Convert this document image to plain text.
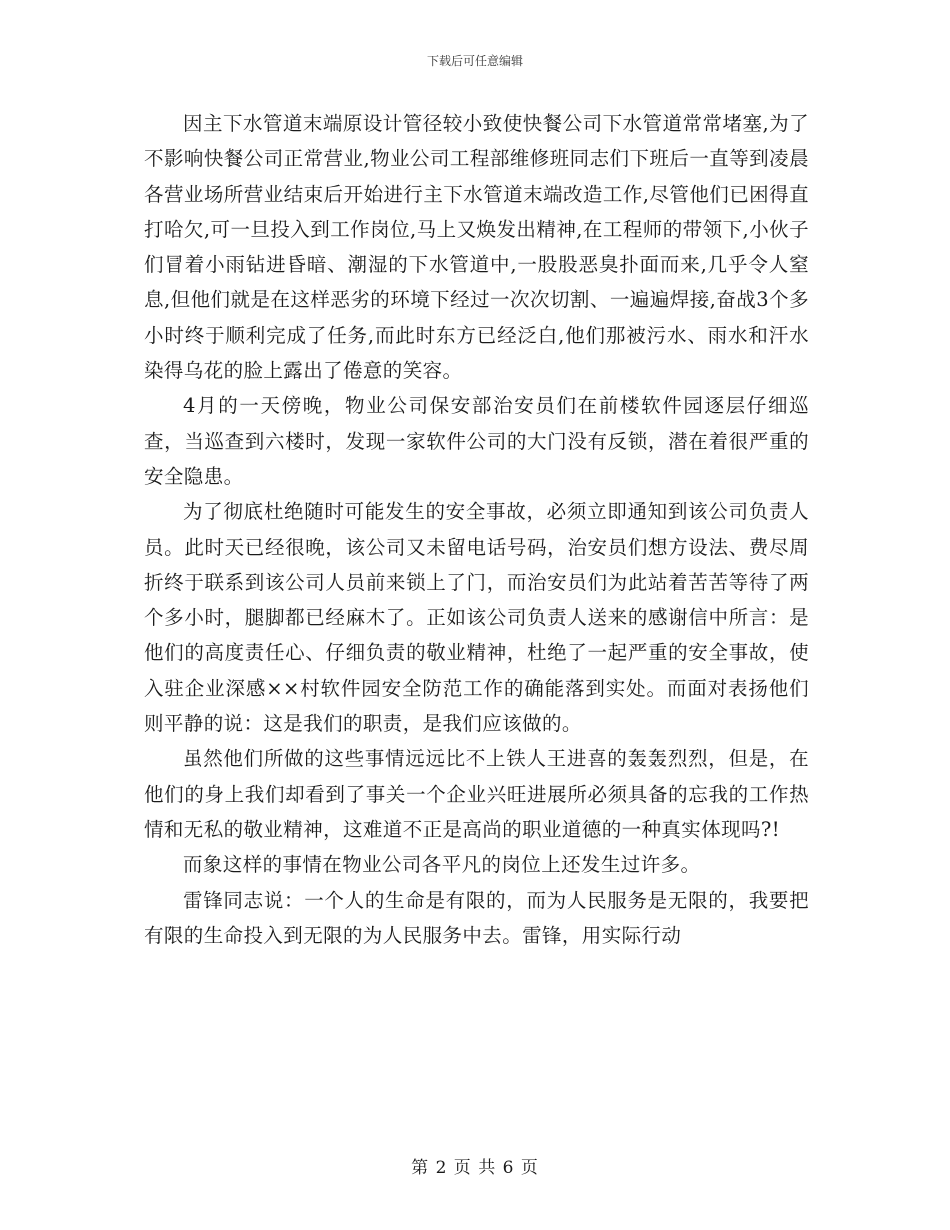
下载后可任意编辑

因主下水管道末端原设计管径较小致使快餐公司下水管道常常堵塞,为了不影响快餐公司正常营业,物业公司工程部维修班同志们下班后一直等到凌晨各营业场所营业结束后开始进行主下水管道末端改造工作,尽管他们已困得直打哈欠,可一旦投入到工作岗位,马上又焕发出精神,在工程师的带领下,小伙子们冒着小雨钻进昏暗、潮湿的下水管道中,一股股恶臭扑面而来,几乎令人窒息,但他们就是在这样恶劣的环境下经过一次次切割、一遍遍焊接,奋战3个多小时终于顺利完成了任务,而此时东方已经泛白,他们那被污水、雨水和汗水染得乌花的脸上露出了倦意的笑容。

4月的一天傍晚，物业公司保安部治安员们在前楼软件园逐层仔细巡查，当巡查到六楼时，发现一家软件公司的大门没有反锁，潜在着很严重的安全隐患。

为了彻底杜绝随时可能发生的安全事故，必须立即通知到该公司负责人员。此时天已经很晚，该公司又未留电话号码，治安员们想方设法、费尽周折终于联系到该公司人员前来锁上了门，而治安员们为此站着苦苦等待了两个多小时，腿脚都已经麻木了。正如该公司负责人送来的感谢信中所言：是他们的高度责任心、仔细负责的敬业精神，杜绝了一起严重的安全事故，使入驻企业深感××村软件园安全防范工作的确能落到实处。而面对表扬他们则平静的说：这是我们的职责，是我们应该做的。

虽然他们所做的这些事情远远比不上铁人王进喜的轰轰烈烈，但是，在他们的身上我们却看到了事关一个企业兴旺进展所必须具备的忘我的工作热情和无私的敬业精神，这难道不正是高尚的职业道德的一种真实体现吗?!

而象这样的事情在物业公司各平凡的岗位上还发生过许多。

雷锋同志说：一个人的生命是有限的，而为人民服务是无限的，我要把有限的生命投入到无限的为人民服务中去。雷锋，用实际行动

第 2 页 共 6 页
